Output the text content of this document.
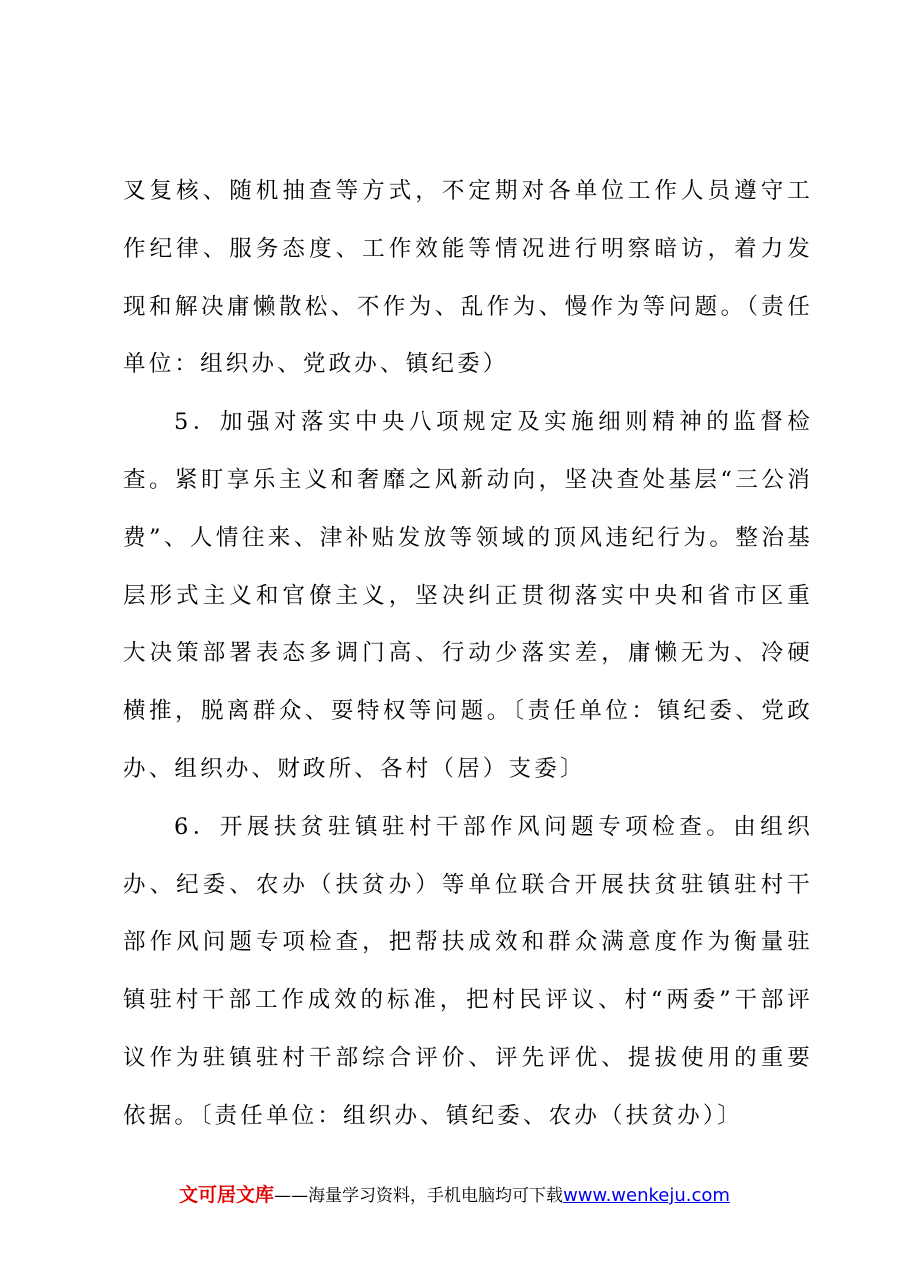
叉复核、随机抽查等方式，不定期对各单位工作人员遵守工作纪律、服务态度、工作效能等情况进行明察暗访，着力发现和解决庸懒散松、不作为、乱作为、慢作为等问题。（责任单位：组织办、党政办、镇纪委）

5．加强对落实中央八项规定及实施细则精神的监督检查。紧盯享乐主义和奢靡之风新动向，坚决查处基层“三公消费”、人情往来、津补贴发放等领域的顶风违纪行为。整治基层形式主义和官僚主义，坚决纠正贯彻落实中央和省市区重大决策部署表态多调门高、行动少落实差，庸懒无为、冷硬横推，脱离群众、耍特权等问题。〔责任单位：镇纪委、党政办、组织办、财政所、各村（居）支委〕

6．开展扶贫驻镇驻村干部作风问题专项检查。由组织办、纪委、农办（扶贫办）等单位联合开展扶贫驻镇驻村干部作风问题专项检查，把帮扶成效和群众满意度作为衡量驻镇驻村干部工作成效的标准，把村民评议、村“两委”干部评议作为驻镇驻村干部综合评价、评先评优、提拔使用的重要依据。〔责任单位：组织办、镇纪委、农办（扶贫办）〕

文可居文库——海量学习资料，手机电脑均可下载www.wenkeju.com
